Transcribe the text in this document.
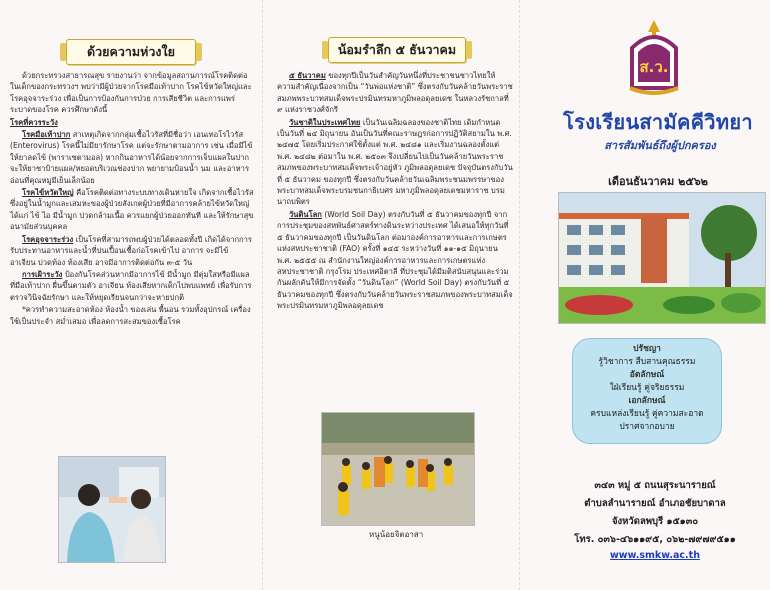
ด้วยความห่วงใย

ด้วยกระทรวงสาธารณสุข รายงานว่า จากข้อมูลสถานการณ์โรคติดต่อในเด็กของกระทรวงฯ พบว่ามีผู้ป่วยจากโรคมือเท้าปาก โรคไข้หวัดใหญ่และโรคอุจจาระร่วง เพื่อเป็นการป้องกันการป่วย การเสียชีวิต และการแพร่ระบาดของโรค ควรศึกษาดังนี้

โรคที่ควรระวัง

โรคมือเท้าปาก สาเหตุเกิดจากกลุ่มเชื้อไวรัสที่มีชื่อว่า เอนเทอโรไวรัส (Enterovirus) โรคนี้ไม่มียารักษาโรค แต่จะรักษาตามอาการ เช่น เมื่อมีไข้ ให้ยาลดไข้ (พาราเซตามอล) หากกินอาหารได้น้อยจากการเจ็บแผลในปาก จะให้ยาชาป้ายแผล/หยอดบริเวณช่องปาก พยายามป้อนน้ำ นม และอาหารอ่อนที่คุณหมูมีเย็นเล็กน้อย

โรคไข้หวัดใหญ่ คือโรคติดต่อทางระบบทางเดินหายใจ เกิดจากเชื้อไวรัส ซึ่งอยู่ในน้ำมูกและเสมหะของผู้ป่วยสังเกตผู้ป่วยที่มีอาการคล้ายไข้หวัดใหญ่ ได้แก่ ไข้ ไอ มีน้ำมูก ปวดกล้ามเนื้อ ควรแยกผู้ป่วยออกทันที และให้รักษาสุขอนามัยส่วนบุคคล

โรคอุจจาระร่วง เป็นโรคที่สามารถพบผู้ป่วยได้ตลอดทั้งปี เกิดได้จากการรับประทานอาหารและน้ำที่ปนเปื้อนเชื้อก่อโรคเข้าไป อาการ จะมีไข้ อาเจียน ปวดท้อง ท้องเสีย อาจมีอาการติดต่อกัน ๓-๕ วัน

การเฝ้าระวัง ป้องกันโรคส่วนหากมีอาการไข้ มีน้ำมูก มีตุ่มใสหรือมีแผลที่มือเท้าปาก ผื่นขึ้นตามตัว อาเจียน ท้องเสียหากเด็กไปพบแพทย์ เพื่อรับการตรวจวินิจฉัยรักษา และให้หยุดเรียนจนกว่าจะหายปกติ

*ควรทำความสะอาดห้อง ห้องน้ำ ของเล่น พื้นอน รวมทั้งอุปกรณ์ เครื่องใช้เป็นประจำ สม่ำเสมอ เพื่อลดการสะสมของเชื้อโรค

น้อมรำลึก ๕ ธันวาคม

๕ ธันวาคม ของทุกปีเป็นวันสำคัญวันหนึ่งที่ประชาชนชาวไทยให้ความสำคัญเนื่องจากเป็น “วันพ่อแห่งชาติ” ซึ่งตรงกับวันคล้ายวันพระราชสมภพพระบาทสมเด็จพระปรมินทรมหาภูมิพลอดุลยเดช ในหลวงรัชกาลที่ ๙ แห่งราชวงศ์จักรี

วันชาติในประเทศไทย เป็นวันเฉลิมฉลองของชาติไทย เดิมกำหนดเป็นวันที่ ๒๔ มิถุนายน อันเป็นวันที่คณะราษฎรก่อการปฏิวัติสยามใน พ.ศ. ๒๔๗๕ โดยเริ่มประกาศใช้ตั้งแต่ พ.ศ. ๒๔๘๑ และเริ่มงานฉลองตั้งแต่ พ.ศ. ๒๔๘๒ ต่อมาใน พ.ศ. ๒๕๐๓ จึงเปลี่ยนไปเป็นวันคล้ายวันพระราชสมภพของพระบาทสมเด็จพระเจ้าอยู่หัว ภูมิพลอดุลยเดช ปัจจุบันตรงกับวันที่ ๕ ธันวาคม ของทุกปี ซึ่งตรงกับวันคล้ายวันเฉลิมพระชนมพรรษาของพระบาทสมเด็จพระบรมชนกาธิเบศร มหาภูมิพลอดุลยเดชมหาราช บรมนาถบพิตร

วันดินโลก (World Soil Day) ตรงกับวันที่ ๕ ธันวาคมของทุกปี จากการประชุมของสหพันธ์ศาสตร์ทางดินระหว่างประเทศ ได้เสนอให้ทุกวันที่ ๕ ธันวาคมของทุกปี เป็นวันดินโลก ต่อมาองค์การอาหารและการเกษตรแห่งสหประชาชาติ (FAO) ครั้งที่ ๑๔๕ ระหว่างวันที่ ๑๑-๑๕ มิถุนายน พ.ศ. ๒๕๕๕ ณ สำนักงานใหญ่องค์การอาหารและการเกษตรแห่งสหประชาชาติ กรุงโรม ประเทศอิตาลี ที่ประชุมได้มีมติสนับสนุนและร่วมกันผลักดันให้มีการจัดตั้ง “วันดินโลก” (World Soil Day) ตรงกับวันที่ ๕ ธันวาคมของทุกปี ซึ่งตรงกับวันคล้ายวันพระราชสมภพของพระบาทสมเด็จพระปรมินทรมหาภูมิพลอดุลยเดช

หนูน้อยจิตอาสา
ส.ว.
โรงเรียนสามัคคีวิทยา
สารสัมพันธ์ถึงผู้ปกครอง
เดือนธันวาคม ๒๕๖๒
ปรัชญา
รู้วิชาการ สืบสานคุณธรรม
อัตลักษณ์
ใฝ่เรียนรู้ คู่จริยธรรม
เอกลักษณ์
ครบแหล่งเรียนรู้ คู่ความสะอาด ปราศจากอบาย
๓๔๓ หมู่ ๕ ถนนสุระนารายณ์
ตำบลลำนารายณ์ อำเภอชัยบาดาล
จังหวัดลพบุรี ๑๕๑๓๐
โทร. ๐๓๖-๔๖๑๑๙๕, ๐๖๒-๗๙๗๙๕๑๑
www.smkw.ac.th
